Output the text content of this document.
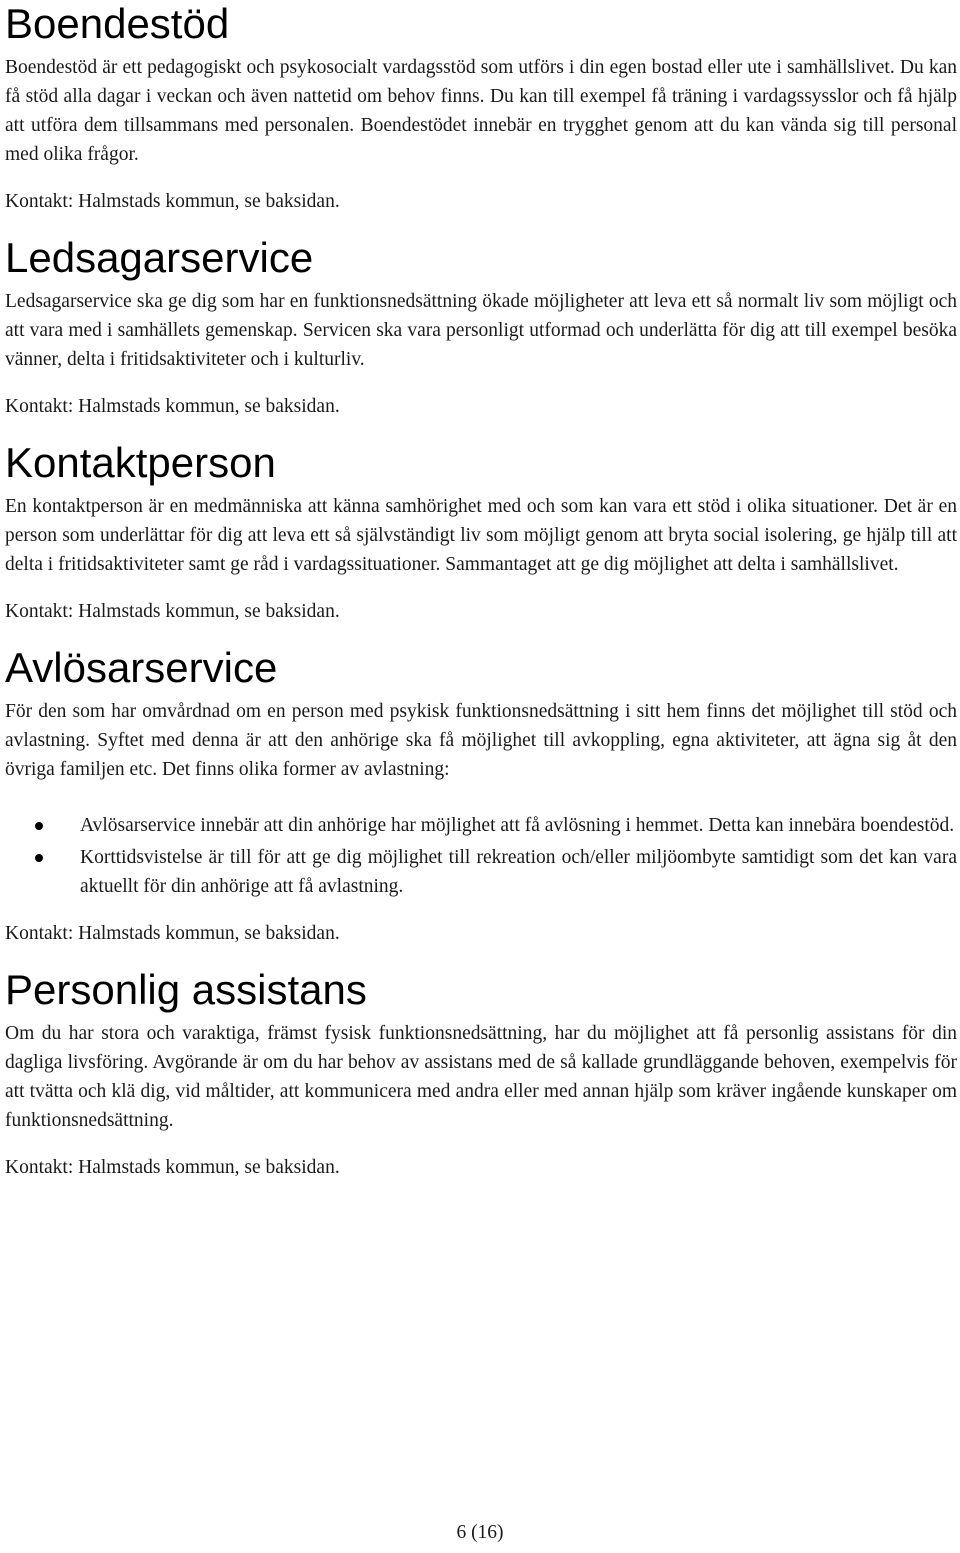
Boendestöd

Boendestöd är ett pedagogiskt och psykosocialt vardagsstöd som utförs i din egen bostad eller ute i samhällslivet. Du kan få stöd alla dagar i veckan och även nattetid om behov finns. Du kan till exempel få träning i vardagssysslor och få hjälp att utföra dem tillsammans med personalen. Boendestödet innebär en trygghet genom att du kan vända sig till personal med olika frågor.

Kontakt: Halmstads kommun, se baksidan.

Ledsagarservice

Ledsagarservice ska ge dig som har en funktionsnedsättning ökade möjligheter att leva ett så normalt liv som möjligt och att vara med i samhällets gemenskap. Servicen ska vara personligt utformad och underlätta för dig att till exempel besöka vänner, delta i fritidsaktiviteter och i kulturliv.

Kontakt: Halmstads kommun, se baksidan.

Kontaktperson

En kontaktperson är en medmänniska att känna samhörighet med och som kan vara ett stöd i olika situationer. Det är en person som underlättar för dig att leva ett så självständigt liv som möjligt genom att bryta social isolering, ge hjälp till att delta i fritidsaktiviteter samt ge råd i vardagssituationer. Sammantaget att ge dig möjlighet att delta i samhällslivet.

Kontakt: Halmstads kommun, se baksidan.

Avlösarservice

För den som har omvårdnad om en person med psykisk funktionsnedsättning i sitt hem finns det möjlighet till stöd och avlastning. Syftet med denna är att den anhörige ska få möjlighet till avkoppling, egna aktiviteter, att ägna sig åt den övriga familjen etc. Det finns olika former av avlastning:

Avlösarservice innebär att din anhörige har möjlighet att få avlösning i hemmet. Detta kan innebära boendestöd.
Korttidsvistelse är till för att ge dig möjlighet till rekreation och/eller miljöombyte samtidigt som det kan vara aktuellt för din anhörige att få avlastning.

Kontakt: Halmstads kommun, se baksidan.

Personlig assistans

Om du har stora och varaktiga, främst fysisk funktionsnedsättning, har du möjlighet att få personlig assistans för din dagliga livsföring. Avgörande är om du har behov av assistans med de så kallade grundläggande behoven, exempelvis för att tvätta och klä dig, vid måltider, att kommunicera med andra eller med annan hjälp som kräver ingående kunskaper om funktionsnedsättning.

Kontakt: Halmstads kommun, se baksidan.

6 (16)
